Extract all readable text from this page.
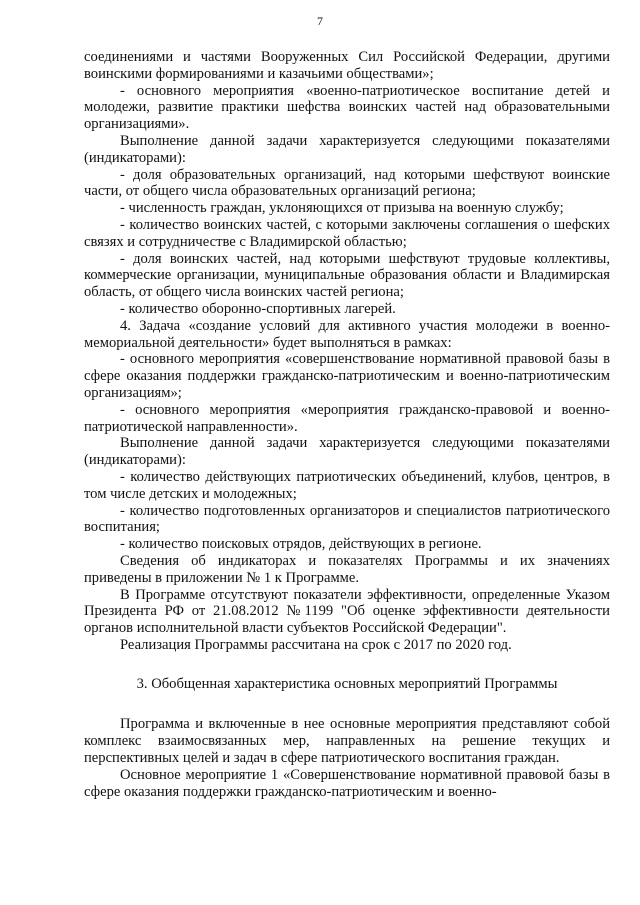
7

соединениями и частями Вооруженных Сил Российской Федерации, другими воинскими формированиями и казачьими обществами»;

- основного мероприятия «военно-патриотическое воспитание детей и молодежи, развитие практики шефства воинских частей над образовательными организациями».

Выполнение данной задачи характеризуется следующими показателями (индикаторами):

- доля образовательных организаций, над которыми шефствуют воинские части, от общего числа образовательных организаций региона;

- численность граждан, уклоняющихся от призыва на военную службу;

- количество воинских частей, с которыми заключены соглашения о шефских связях и сотрудничестве с Владимирской областью;

- доля воинских частей, над которыми шефствуют трудовые коллективы, коммерческие организации, муниципальные образования области и Владимирская область, от общего числа воинских частей региона;

- количество оборонно-спортивных лагерей.

4. Задача «создание условий для активного участия молодежи в военно-мемориальной деятельности» будет выполняться в рамках:

- основного мероприятия «совершенствование нормативной правовой базы в сфере оказания поддержки гражданско-патриотическим и военно-патриотическим организациям»;

- основного мероприятия «мероприятия гражданско-правовой и военно-патриотической направленности».

Выполнение данной задачи характеризуется следующими показателями (индикаторами):

- количество действующих патриотических объединений, клубов, центров, в том числе детских и молодежных;

- количество подготовленных организаторов и специалистов патриотического воспитания;

- количество поисковых отрядов, действующих в регионе.

Сведения об индикаторах и показателях Программы и их значениях приведены в приложении № 1 к Программе.

В Программе отсутствуют показатели эффективности, определенные Указом Президента РФ от 21.08.2012 №1199 "Об оценке эффективности деятельности органов исполнительной власти субъектов Российской Федерации".

Реализация Программы рассчитана на срок с 2017 по 2020 год.

3. Обобщенная характеристика основных мероприятий Программы

Программа и включенные в нее основные мероприятия представляют собой комплекс взаимосвязанных мер, направленных на решение текущих и перспективных целей и задач в сфере патриотического воспитания граждан.

Основное мероприятие 1 «Совершенствование нормативной правовой базы в сфере оказания поддержки гражданско-патриотическим и военно-
